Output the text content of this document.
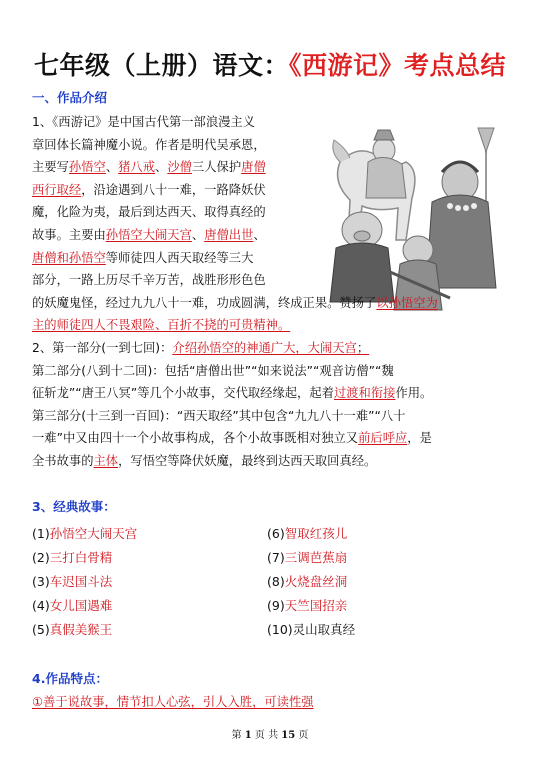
七年级（上册）语文：《西游记》考点总结
一、作品介绍

1、《西游记》是中国古代第一部浪漫主义

章回体长篇神魔小说。作者是明代吴承恩，

主要写孙悟空、猪八戒、沙僧三人保护唐僧

西行取经，沿途遇到八十一难，一路降妖伏

魔，化险为夷，最后到达西天、取得真经的

故事。主要由孙悟空大闹天宫、唐僧出世、

唐僧和孙悟空等师徒四人西天取经等三大

部分，一路上历尽千辛万苦，战胜形形色色

的妖魔鬼怪，经过九九八十一难，功成圆满，终成正果。赞扬了以孙悟空为

主的师徒四人不畏艰险、百折不挠的可贵精神。

2、第一部分(一到七回)：介绍孙悟空的神通广大，大闹天宫；

第二部分(八到十二回)：包括“唐僧出世”“如来说法”“观音访僧”“魏

征斩龙”“唐王八冥”等几个小故事，交代取经缘起，起着过渡和衔接作用。

第三部分(十三到一百回)：“西天取经”其中包含“九九八十一难”“八十

一难”中又由四十一个小故事构成，各个小故事既相对独立又前后呼应，是

全书故事的主体，写悟空等降伏妖魔，最终到达西天取回真经。

3、经典故事：
(1)孙悟空大闹天宫	(6)智取红孩儿
(2)三打白骨精	(7)三调芭蕉扇
(3)车迟国斗法	(8)火烧盘丝洞
(4)女儿国遇难	(9)天竺国招亲
(5)真假美猴王	(10)灵山取真经
4.作品特点：

①善于说故事，情节扣人心弦，引人入胜，可读性强

第 1 页 共 15 页
